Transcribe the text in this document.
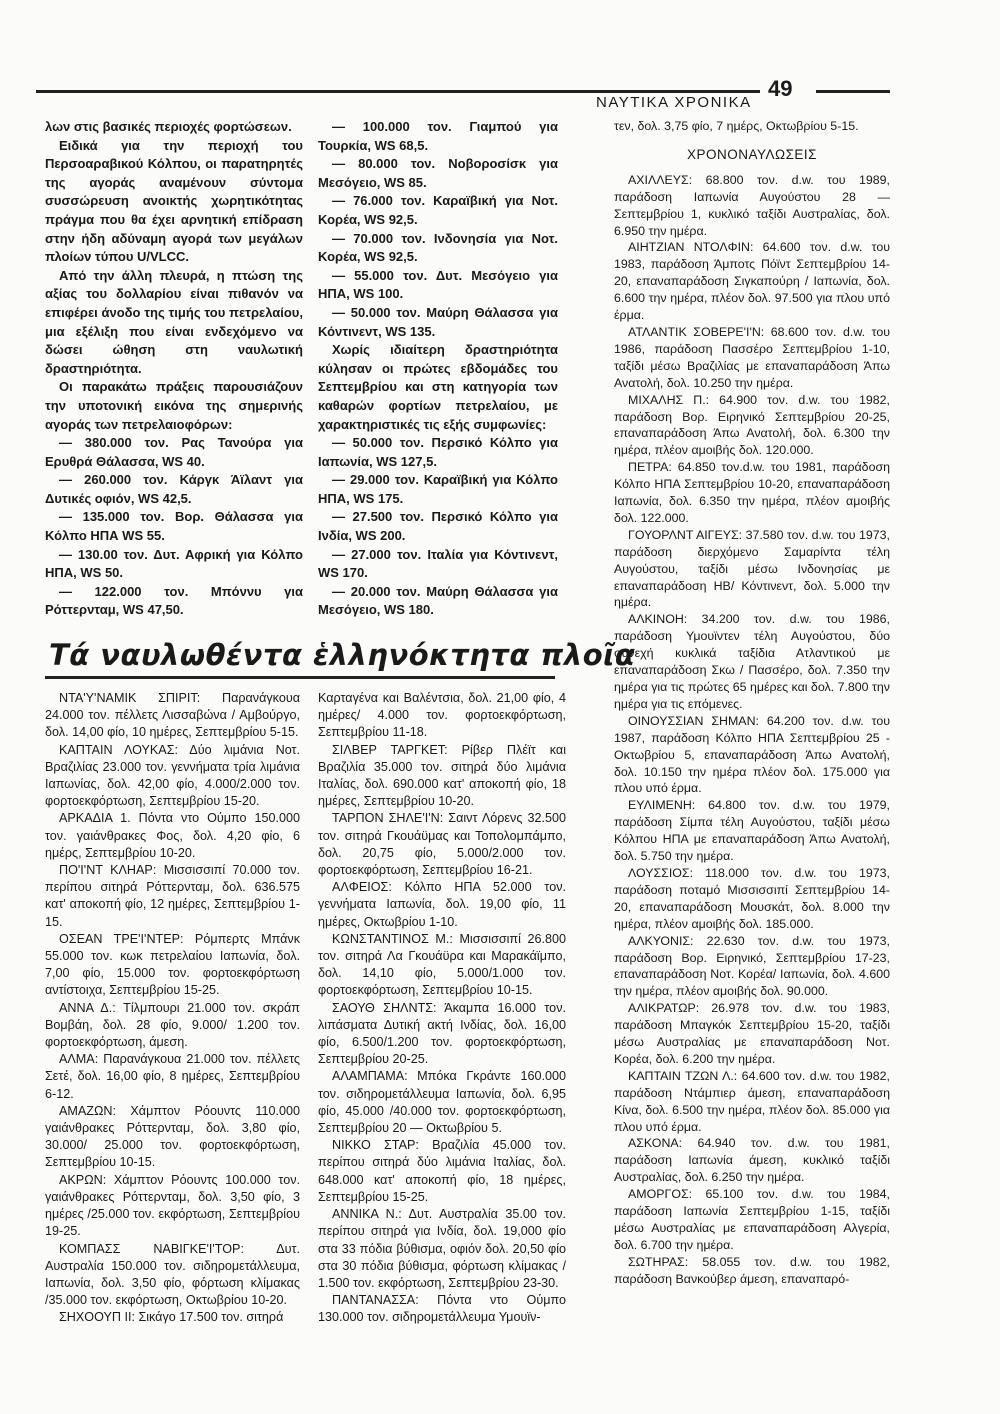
49
ΝΑΥΤΙΚΑ ΧΡΟΝΙΚΑ

λων στις βασικές περιοχές φορτώσεων.

Ειδικά για την περιοχή του Περσοαραβικού Κόλπου, οι παρατηρητές της αγοράς αναμένουν σύντομα συσσώρευση ανοικτής χωρητικότητας πράγμα που θα έχει αρνητική επίδραση στην ήδη αδύναμη αγορά των μεγάλων πλοίων τύπου U/VLCC.

Από την άλλη πλευρά, η πτώση της αξίας του δολλαρίου είναι πιθανόν να επιφέρει άνοδο της τιμής του πετρελαίου, μια εξέλιξη που είναι ενδεχόμενο να δώσει ώθηση στη ναυλωτική δραστηριότητα.

Οι παρακάτω πράξεις παρουσιάζουν την υποτονική εικόνα της σημερινής αγοράς των πετρελαιοφόρων:

— 380.000 τον. Ρας Τανούρα για Ερυθρά Θάλασσα, WS 40.

— 260.000 τον. Κάργκ Άϊλαντ για Δυτικές οφιόν, WS 42,5.

— 135.000 τον. Βορ. Θάλασσα για Κόλπο ΗΠΑ WS 55.

— 130.00 τον. Δυτ. Αφρική για Κόλπο ΗΠΑ, WS 50.

— 122.000 τον. Μπόννυ για Ρόττερνταμ, WS 47,50.

— 100.000 τον. Γιαμπού για Τουρκία, WS 68,5.

— 80.000 τον. Νοβοροσίσκ για Μεσόγειο, WS 85.

— 76.000 τον. Καραϊβική για Νοτ. Κορέα, WS 92,5.

— 70.000 τον. Ινδονησία για Νοτ. Κορέα, WS 92,5.

— 55.000 τον. Δυτ. Μεσόγειο για ΗΠΑ, WS 100.

— 50.000 τον. Μαύρη Θάλασσα για Κόντινεντ, WS 135.

Χωρίς ιδιαίτερη δραστηριότητα κύλησαν οι πρώτες εβδομάδες του Σεπτεμβρίου και στη κατηγορία των καθαρών φορτίων πετρελαίου, με χαρακτηριστικές τις εξής συμφωνίες:

— 50.000 τον. Περσικό Κόλπο για Ιαπωνία, WS 127,5.

— 29.000 τον. Καραϊβική για Κόλπο ΗΠΑ, WS 175.

— 27.500 τον. Περσικό Κόλπο για Ινδία, WS 200.

— 27.000 τον. Ιταλία για Κόντινεντ, WS 170.

— 20.000 τον. Μαύρη Θάλασσα για Μεσόγειο, WS 180.

Τά ναυλωθέντα ἑλληνόκτητα πλοῖα

ΝΤΑ'Υ'ΝΑΜΙΚ ΣΠΙΡΙΤ: Παρανάγκουα 24.000 τον. πέλλετς Λισσαβώνα / Αμβούργο, δολ. 14,00 φίο, 10 ημέρες, Σεπτεμβρίου 5-15.

ΚΑΠΤΑΙΝ ΛΟΥΚΑΣ: Δύο λιμάνια Νοτ. Βραζιλίας 23.000 τον. γεννήματα τρία λιμάνια Ιαπωνίας, δολ. 42,00 φίο, 4.000/2.000 τον. φορτοεκφόρτωση, Σεπτεμβρίου 15-20.

ΑΡΚΑΔΙΑ 1. Πόντα ντο Ούμπο 150.000 τον. γαιάνθρακες Φος, δολ. 4,20 φίο, 6 ημέρς, Σεπτεμβρίου 10-20.

ΠΟ'Ι'ΝΤ ΚΛΗΑΡ: Μισσισσιπί 70.000 τον. περίπου σιτηρά Ρόττερνταμ, δολ. 636.575 κατ' αποκοπή φίο, 12 ημέρες, Σεπτεμβρίου 1-15.

ΟΣΕΑΝ ΤΡΕ'Ι'ΝΤΕΡ: Ρόμπερτς Μπάνκ 55.000 τον. κωκ πετρελαίου Ιαπωνία, δολ. 7,00 φίο, 15.000 τον. φορτοεκφόρτωση αντίστοιχα, Σεπτεμβρίου 15-25.

ΑΝΝΑ Δ.: Τίλμπουρι 21.000 τον. σκράπ Βομβάη, δολ. 28 φίο, 9.000/ 1.200 τον. φορτοεκφόρτωση, άμεση.

ΑΛΜΑ: Παρανάγκουα 21.000 τον. πέλλετς Σετέ, δολ. 16,00 φίο, 8 ημέρες, Σεπτεμβρίου 6-12.

ΑΜΑΖΩΝ: Χάμπτον Ρόουντς 110.000 γαιάνθρακες Ρόττερνταμ, δολ. 3,80 φίο, 30.000/ 25.000 τον. φορτοεκφόρτωση, Σεπτεμβρίου 10-15.

ΑΚΡΩΝ: Χάμπτον Ρόουντς 100.000 τον. γαιάνθρακες Ρόττερνταμ, δολ. 3,50 φίο, 3 ημέρες /25.000 τον. εκφόρτωση, Σεπτεμβρίου 19-25.

ΚΟΜΠΑΣΣ ΝΑΒΙΓΚΕ'Ι'ΤΟΡ: Δυτ. Αυστραλία 150.000 τον. σιδηρομετάλλευμα, Ιαπωνία, δολ. 3,50 φίο, φόρτωση κλίμακας /35.000 τον. εκφόρτωση, Οκτωβρίου 10-20.

ΣΗΧΟΟΥΠ ΙΙ: Σικάγο 17.500 τον. σιτηρά

Καρταγένα και Βαλέντσια, δολ. 21,00 φίο, 4 ημέρες/ 4.000 τον. φορτοεκφόρτωση, Σεπτεμβρίου 11-18.

ΣΙΛΒΕΡ ΤΑΡΓΚΕΤ: Ρίβερ Πλέϊτ και Βραζιλία 35.000 τον. σιτηρά δύο λιμάνια Ιταλίας, δολ. 690.000 κατ' αποκοπή φίο, 18 ημέρες, Σεπτεμβρίου 10-20.

ΤΑΡΠΟΝ ΣΗΛΕ'Ι'Ν: Σαιντ Λόρενς 32.500 τον. σιτηρά Γκουάϋμας και Τοπολομπάμπο, δολ. 20,75 φίο, 5.000/2.000 τον. φορτοεκφόρτωση, Σεπτεμβρίου 16-21.

ΑΛΦΕΙΟΣ: Κόλπο ΗΠΑ 52.000 τον. γεννήματα Ιαπωνία, δολ. 19,00 φίο, 11 ημέρες, Οκτωβρίου 1-10.

ΚΩΝΣΤΑΝΤΙΝΟΣ Μ.: Μισσισσιπί 26.800 τον. σιτηρά Λα Γκουάϋρα και Μαρακάϊμπο, δολ. 14,10 φίο, 5.000/1.000 τον. φορτοεκφόρτωση, Σεπτεμβρίου 10-15.

ΣΑΟΥΘ ΣΗΛΝΤΣ: Άκαμπα 16.000 τον. λιπάσματα Δυτική ακτή Ινδίας, δολ. 16,00 φίο, 6.500/1.200 τον. φορτοεκφόρτωση, Σεπτεμβρίου 20-25.

ΑΛΑΜΠΑΜΑ: Μπόκα Γκράντε 160.000 τον. σιδηρομετάλλευμα Ιαπωνία, δολ. 6,95 φίο, 45.000 /40.000 τον. φορτοεκφόρτωση, Σεπτεμβρίου 20 — Οκτωβρίου 5.

ΝΙΚΚΟ ΣΤΑΡ: Βραζιλία 45.000 τον. περίπου σιτηρά δύο λιμάνια Ιταλίας, δολ. 648.000 κατ' αποκοπή φίο, 18 ημέρες, Σεπτεμβρίου 15-25.

ΑΝΝΙΚΑ Ν.: Δυτ. Αυστραλία 35.00 τον. περίπου σιτηρά για Ινδία, δολ. 19,000 φίο στα 33 πόδια βύθισμα, οφιόν δολ. 20,50 φίο στα 30 πόδια βύθισμα, φόρτωση κλίμακας / 1.500 τον. εκφόρτωση, Σεπτεμβρίου 23-30.

ΠΑΝΤΑΝΑΣΣΑ: Πόντα ντο Ούμπο 130.000 τον. σιδηρομετάλλευμα Υμουϊν-

τεν, δολ. 3,75 φίο, 7 ημέρς, Οκτωβρίου 5-15.

ΧΡΟΝΟΝΑΥΛΩΣΕΙΣ

ΑΧΙΛΛΕΥΣ: 68.800 τον. d.w. του 1989, παράδοση Ιαπωνία Αυγούστου 28 — Σεπτεμβρίου 1, κυκλικό ταξίδι Αυστραλίας, δολ. 6.950 την ημέρα.

ΑΙΗΤΖΙΑΝ ΝΤΟΛΦΙΝ: 64.600 τον. d.w. του 1983, παράδοση Άμποτς Πόϊντ Σεπτεμβρίου 14-20, επαναπαράδοση Σιγκαπούρη / Ιαπωνία, δολ. 6.600 την ημέρα, πλέον δολ. 97.500 για πλου υπό έρμα.

ΑΤΛΑΝΤΙΚ ΣΟΒΕΡΕ'Ι'Ν: 68.600 τον. d.w. του 1986, παράδοση Πασσέρο Σεπτεμβρίου 1-10, ταξίδι μέσω Βραζιλίας με επαναπαράδοση Άπω Ανατολή, δολ. 10.250 την ημέρα.

ΜΙΧΑΛΗΣ Π.: 64.900 τον. d.w. του 1982, παράδοση Βορ. Ειρηνικό Σεπτεμβρίου 20-25, επαναπαράδοση Άπω Ανατολή, δολ. 6.300 την ημέρα, πλέον αμοιβής δολ. 120.000.

ΠΕΤΡΑ: 64.850 τον.d.w. του 1981, παράδοση Κόλπο ΗΠΑ Σεπτεμβρίου 10-20, επαναπαράδοση Ιαπωνία, δολ. 6.350 την ημέρα, πλέον αμοιβής δολ. 122.000.

ΓΟΥΟΡΛΝΤ ΑΙΓΕΥΣ: 37.580 τον. d.w. του 1973, παράδοση διερχόμενο Σαμαρίντα τέλη Αυγούστου, ταξίδι μέσω Ινδονησίας με επαναπαράδοση ΗΒ/ Κόντινεντ, δολ. 5.000 την ημέρα.

ΑΛΚΙΝΟΗ: 34.200 τον. d.w. του 1986, παράδοση Υμουϊντεν τέλη Αυγούστου, δύο συνεχή κυκλικά ταξίδια Ατλαντικού με επαναπαράδοση Σκω / Πασσέρο, δολ. 7.350 την ημέρα για τις πρώτες 65 ημέρες και δολ. 7.800 την ημέρα για τις επόμενες.

ΟΙΝΟΥΣΣΙΑΝ ΣΗΜΑΝ: 64.200 τον. d.w. του 1987, παράδοση Κόλπο ΗΠΑ Σεπτεμβρίου 25 - Οκτωβρίου 5, επαναπαράδοση Άπω Ανατολή, δολ. 10.150 την ημέρα πλέον δολ. 175.000 για πλου υπό έρμα.

ΕΥΛΙΜΕΝΗ: 64.800 τον. d.w. του 1979, παράδοση Σίμπα τέλη Αυγούστου, ταξίδι μέσω Κόλπου ΗΠΑ με επαναπαράδοση Άπω Ανατολή, δολ. 5.750 την ημέρα.

ΛΟΥΣΣΙΟΣ: 118.000 τον. d.w. του 1973, παράδοση ποταμό Μισσισσιπί Σεπτεμβρίου 14-20, επαναπαράδοση Μουσκάτ, δολ. 8.000 την ημέρα, πλέον αμοιβής δολ. 185.000.

ΑΛΚΥΟΝΙΣ: 22.630 τον. d.w. του 1973, παράδοση Βορ. Ειρηνικό, Σεπτεμβρίου 17-23, επαναπαράδοση Νοτ. Κορέα/ Ιαπωνία, δολ. 4.600 την ημέρα, πλέον αμοιβής δολ. 90.000.

ΑΛΙΚΡΑΤΩΡ: 26.978 τον. d.w. του 1983, παράδοση Μπαγκόκ Σεπτεμβρίου 15-20, ταξίδι μέσω Αυστραλίας με επαναπαράδοση Νοτ. Κορέα, δολ. 6.200 την ημέρα.

ΚΑΠΤΑΙΝ ΤΖΩΝ Λ.: 64.600 τον. d.w. του 1982, παράδοση Ντάμπιερ άμεση, επαναπαράδοση Κίνα, δολ. 6.500 την ημέρα, πλέον δολ. 85.000 για πλου υπό έρμα.

ΑΣΚΟΝΑ: 64.940 τον. d.w. του 1981, παράδοση Ιαπωνία άμεση, κυκλικό ταξίδι Αυστραλίας, δολ. 6.250 την ημέρα.

ΑΜΟΡΓΟΣ: 65.100 τον. d.w. του 1984, παράδοση Ιαπωνία Σεπτεμβρίου 1-15, ταξίδι μέσω Αυστραλίας με επαναπαράδοση Αλγερία, δολ. 6.700 την ημέρα.

ΣΩΤΗΡΑΣ: 58.055 τον. d.w. του 1982, παράδοση Βανκούβερ άμεση, επαναπαρό-
